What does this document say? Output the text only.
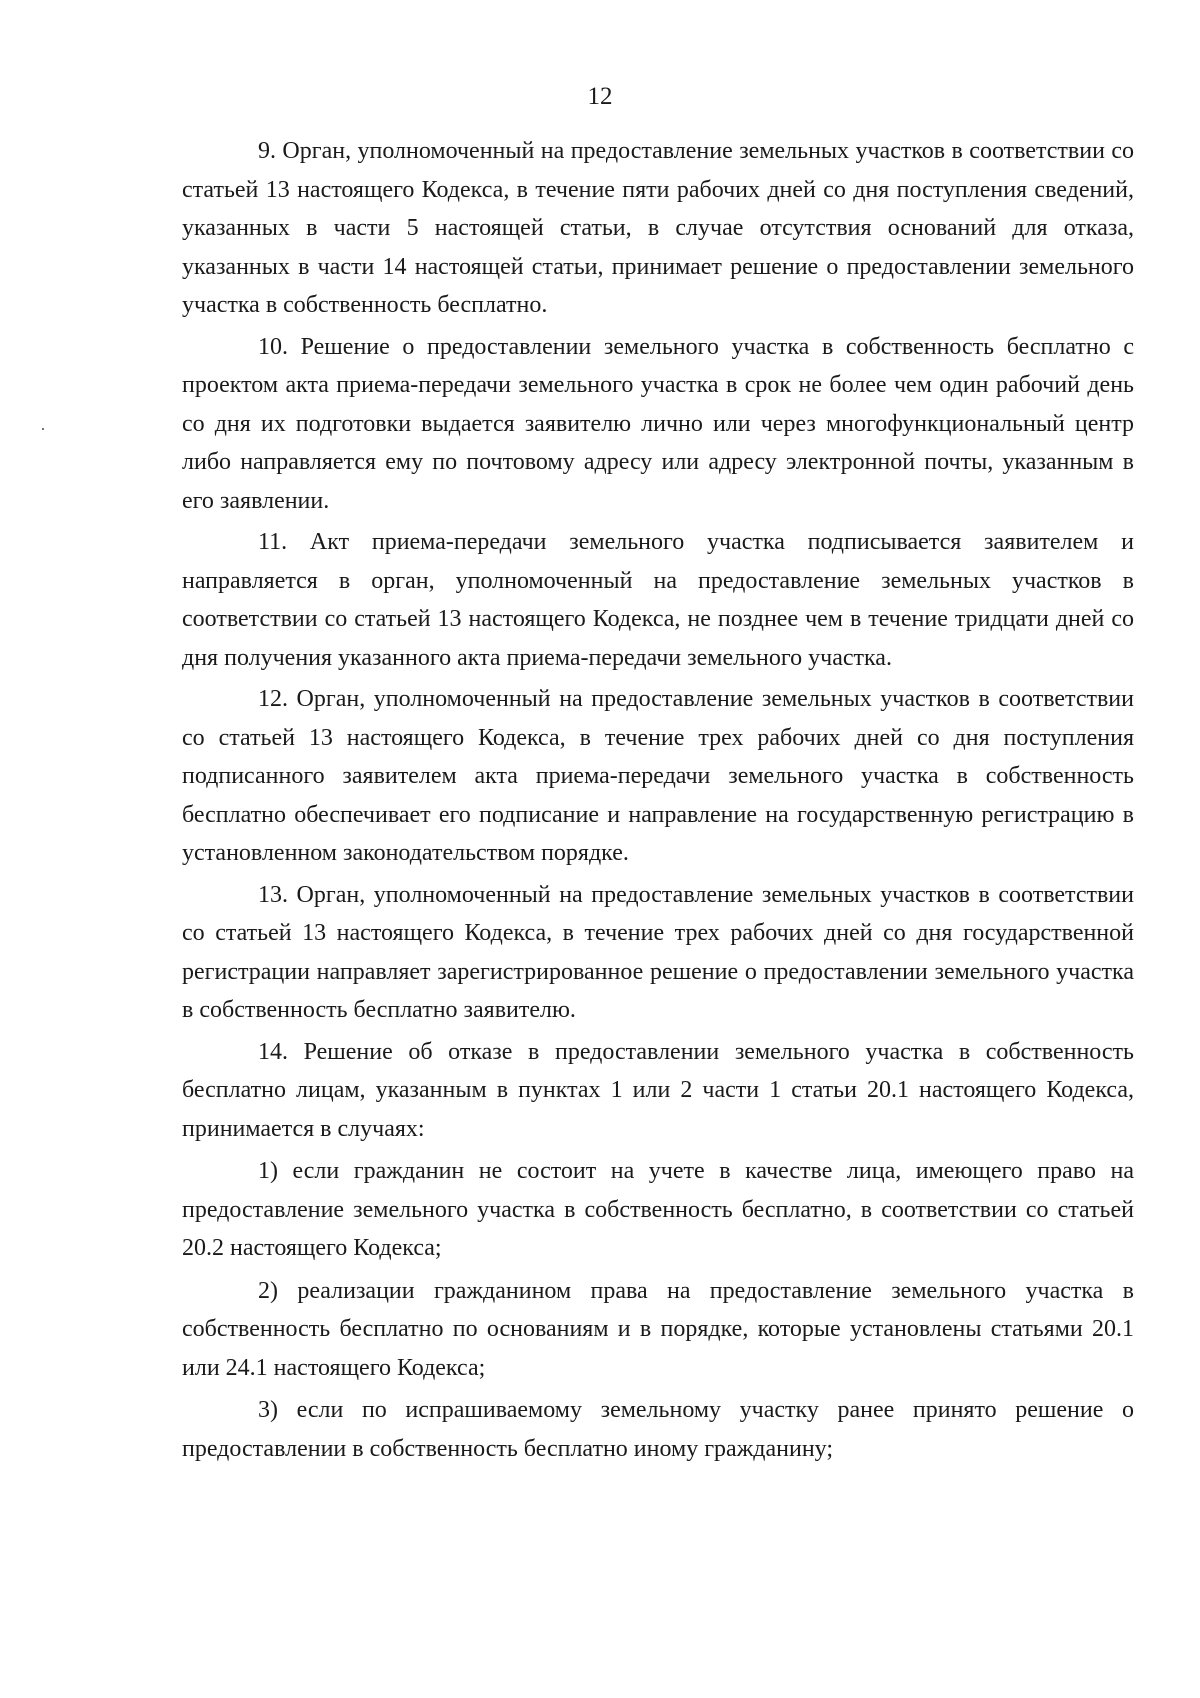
12

9. Орган, уполномоченный на предоставление земельных участков в соответствии со статьей 13 настоящего Кодекса, в течение пяти рабочих дней со дня поступления сведений, указанных в части 5 настоящей статьи, в случае отсутствия оснований для отказа, указанных в части 14 настоящей статьи, принимает решение о предоставлении земельного участка в собственность бесплатно.

10. Решение о предоставлении земельного участка в собственность бесплатно с проектом акта приема-передачи земельного участка в срок не более чем один рабочий день со дня их подготовки выдается заявителю лично или через многофункциональный центр либо направляется ему по почтовому адресу или адресу электронной почты, указанным в его заявлении.

11. Акт приема-передачи земельного участка подписывается заявителем и направляется в орган, уполномоченный на предоставление земельных участков в соответствии со статьей 13 настоящего Кодекса, не позднее чем в течение тридцати дней со дня получения указанного акта приема-передачи земельного участка.

12. Орган, уполномоченный на предоставление земельных участков в соответствии со статьей 13 настоящего Кодекса, в течение трех рабочих дней со дня поступления подписанного заявителем акта приема-передачи земельного участка в собственность бесплатно обеспечивает его подписание и направление на государственную регистрацию в установленном законодательством порядке.

13. Орган, уполномоченный на предоставление земельных участков в соответствии со статьей 13 настоящего Кодекса, в течение трех рабочих дней со дня государственной регистрации направляет зарегистрированное решение о предоставлении земельного участка в собственность бесплатно заявителю.

14. Решение об отказе в предоставлении земельного участка в собственность бесплатно лицам, указанным в пунктах 1 или 2 части 1 статьи 20.1 настоящего Кодекса, принимается в случаях:

1) если гражданин не состоит на учете в качестве лица, имеющего право на предоставление земельного участка в собственность бесплатно, в соответствии со статьей 20.2 настоящего Кодекса;

2) реализации гражданином права на предоставление земельного участка в собственность бесплатно по основаниям и в порядке, которые установлены статьями 20.1 или 24.1 настоящего Кодекса;

3) если по испрашиваемому земельному участку ранее принято решение о предоставлении в собственность бесплатно иному гражданину;
